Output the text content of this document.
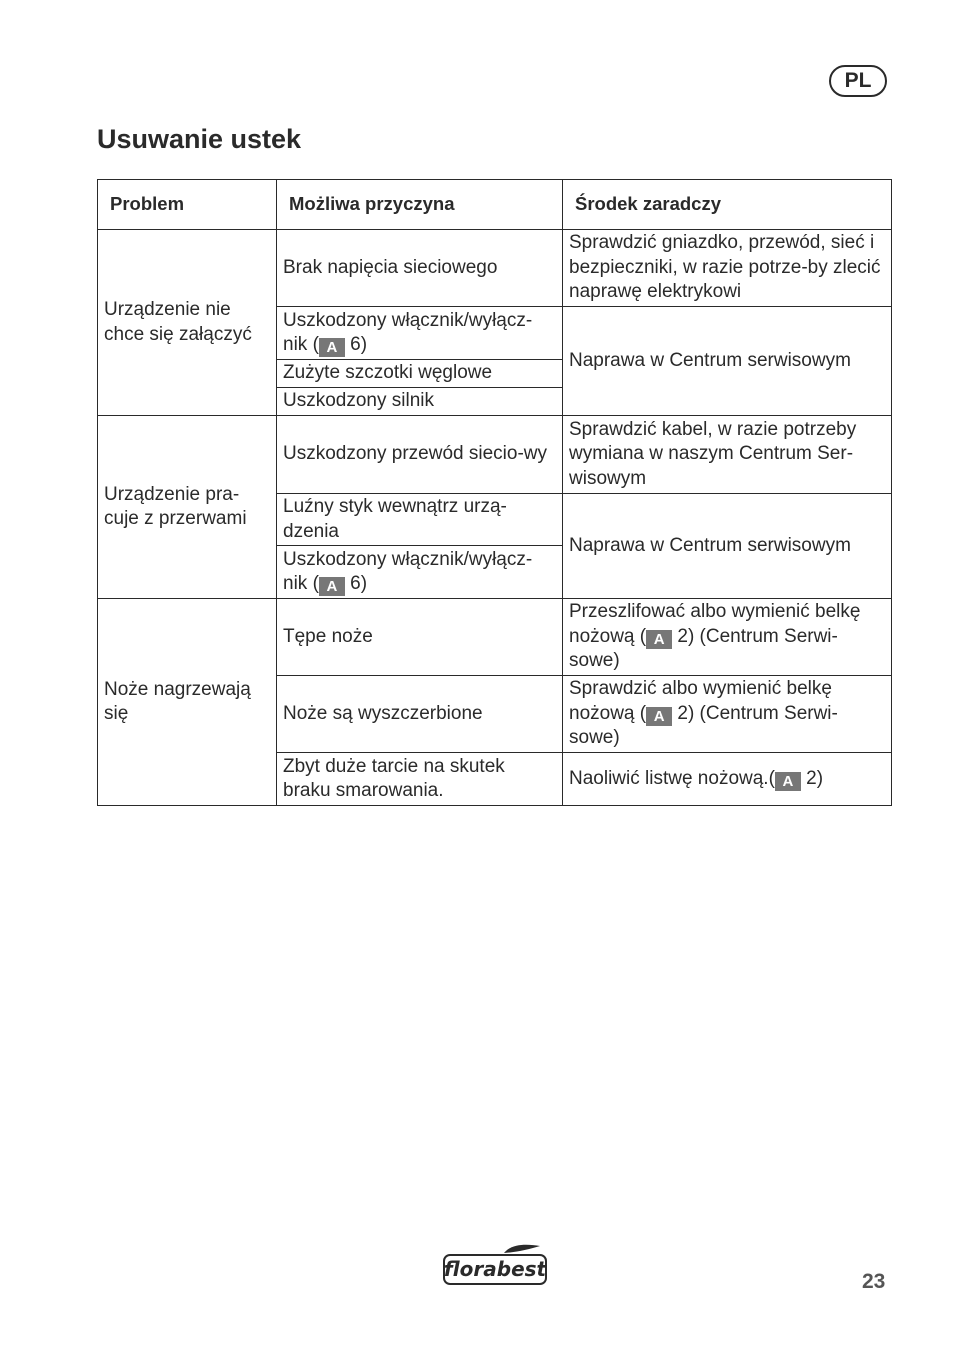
PL
Usuwanie ustek
Problem	Możliwa przyczyna	Środek zaradczy
Urządzenie nie chce się załączyć	Brak napięcia sieciowego	Sprawdzić gniazdko, przewód, sieć i bezpieczniki, w razie potrze-by zlecić naprawę elektrykowi
	Uszkodzony włącznik/wyłącz-nik ( A 6)	Naprawa w Centrum serwisowym
	Zużyte szczotki węglowe	
	Uszkodzony silnik	
Urządzenie pra-cuje z przerwami	Uszkodzony przewód siecio-wy	Sprawdzić kabel, w razie potrzeby wymiana w naszym Centrum Ser-wisowym
	Luźny styk wewnątrz urzą-dzenia	Naprawa w Centrum serwisowym
	Uszkodzony włącznik/wyłącz-nik ( A 6)	
Noże nagrzewają się	Tępe noże	Przeszlifować albo wymienić belkę nożową ( A 2) (Centrum Serwi-sowe)
	Noże są wyszczerbione	Sprawdzić albo wymienić belkę nożową ( A 2) (Centrum Serwi-sowe)
	Zbyt duże tarcie na skutek braku smarowania.	Naoliwić listwę nożową.( A 2)
florabest
23
